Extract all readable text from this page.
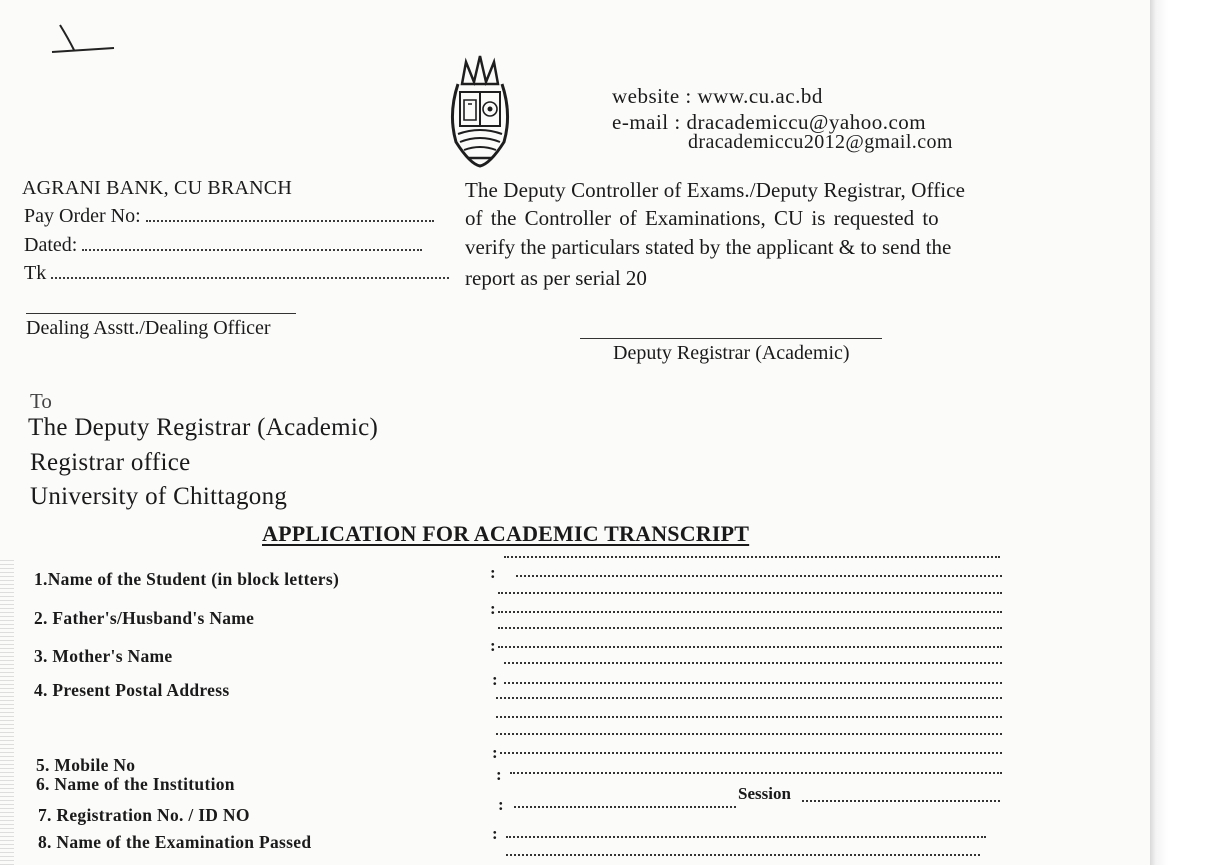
website : www.cu.ac.bd
e-mail : dracademiccu@yahoo.com
dracademiccu2012@gmail.com
AGRANI BANK, CU BRANCH
Pay Order No:
Dated:
Tk
Dealing Asstt./Dealing Officer
The Deputy Controller of Exams./Deputy Registrar, Office
of the Controller of Examinations, CU is requested to
verify the particulars stated by the applicant & to send the
report as per serial 20
Deputy Registrar (Academic)
To
The Deputy Registrar (Academic)
Registrar office
University of Chittagong
APPLICATION FOR ACADEMIC TRANSCRIPT
1.Name of the Student (in block letters)
2. Father's/Husband's Name
3. Mother's Name
4. Present Postal Address
5. Mobile No
6. Name of the Institution
7. Registration No. / ID NO
8. Name of the Examination Passed
:
:
:
:
:
:
:
Session
:
